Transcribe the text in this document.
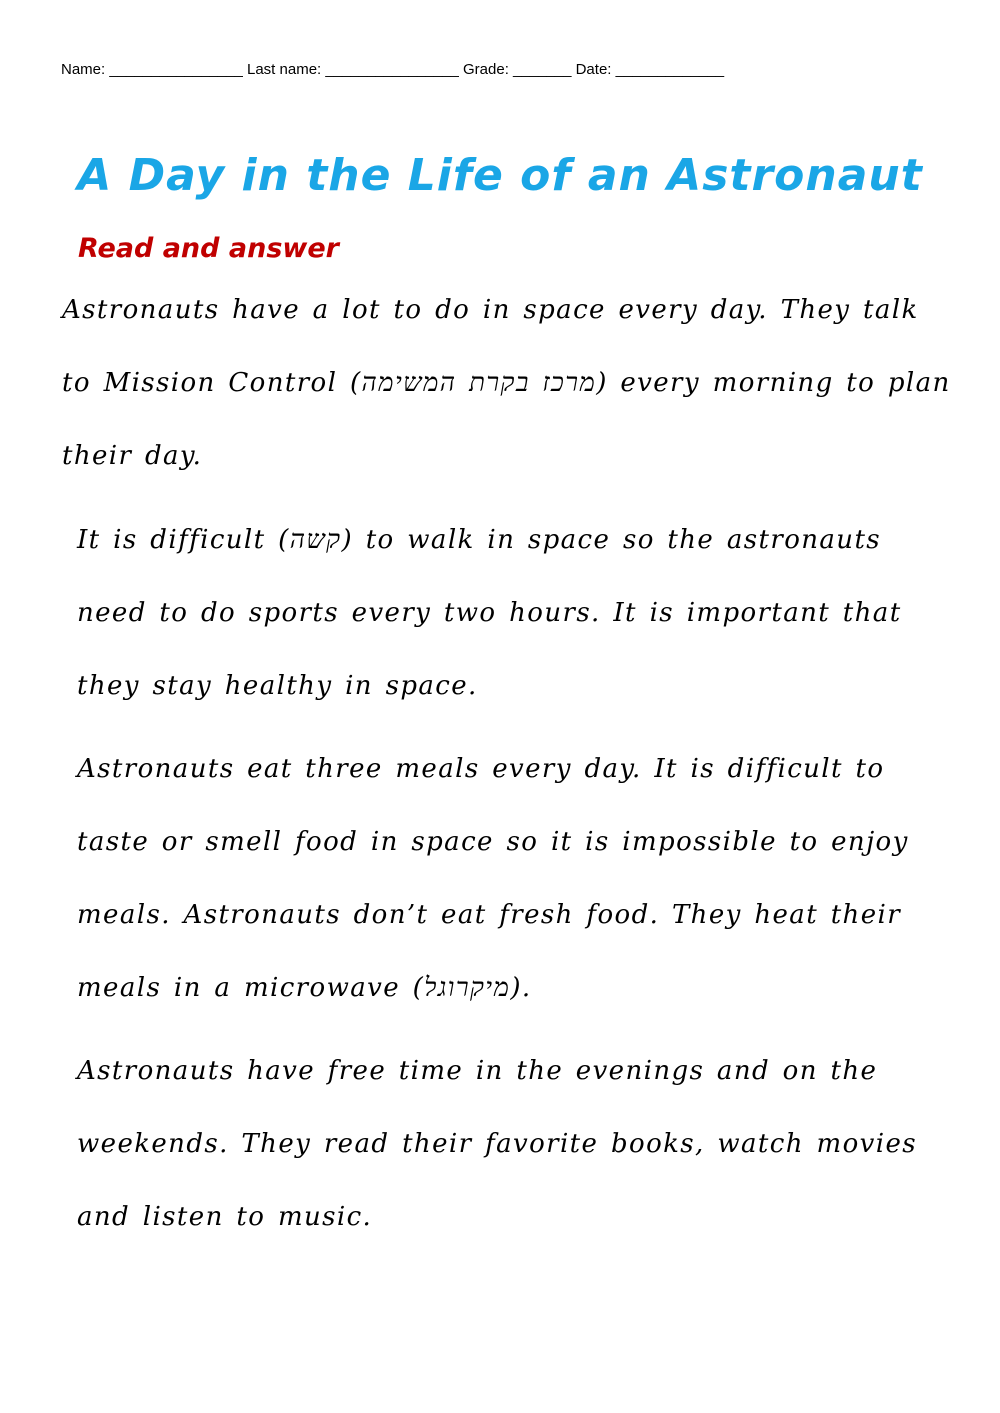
Name: ________________ Last name: ________________ Grade: _______ Date: _____________
A Day in the Life of an Astronaut
Read and answer
Astronauts have a lot to do in space every day. They talk
to Mission Control (מרכז בקרת המשימה) every morning to plan
their day.
It is difficult (קשה) to walk in space so the astronauts
need to do sports every two hours. It is important that
they stay healthy in space.
Astronauts eat three meals every day. It is difficult to
taste or smell food in space so it is impossible to enjoy
meals. Astronauts don’t eat fresh food. They heat their
meals in a microwave (מיקרוגל).
Astronauts have free time in the evenings and on the
weekends. They read their favorite books, watch movies
and listen to music.
